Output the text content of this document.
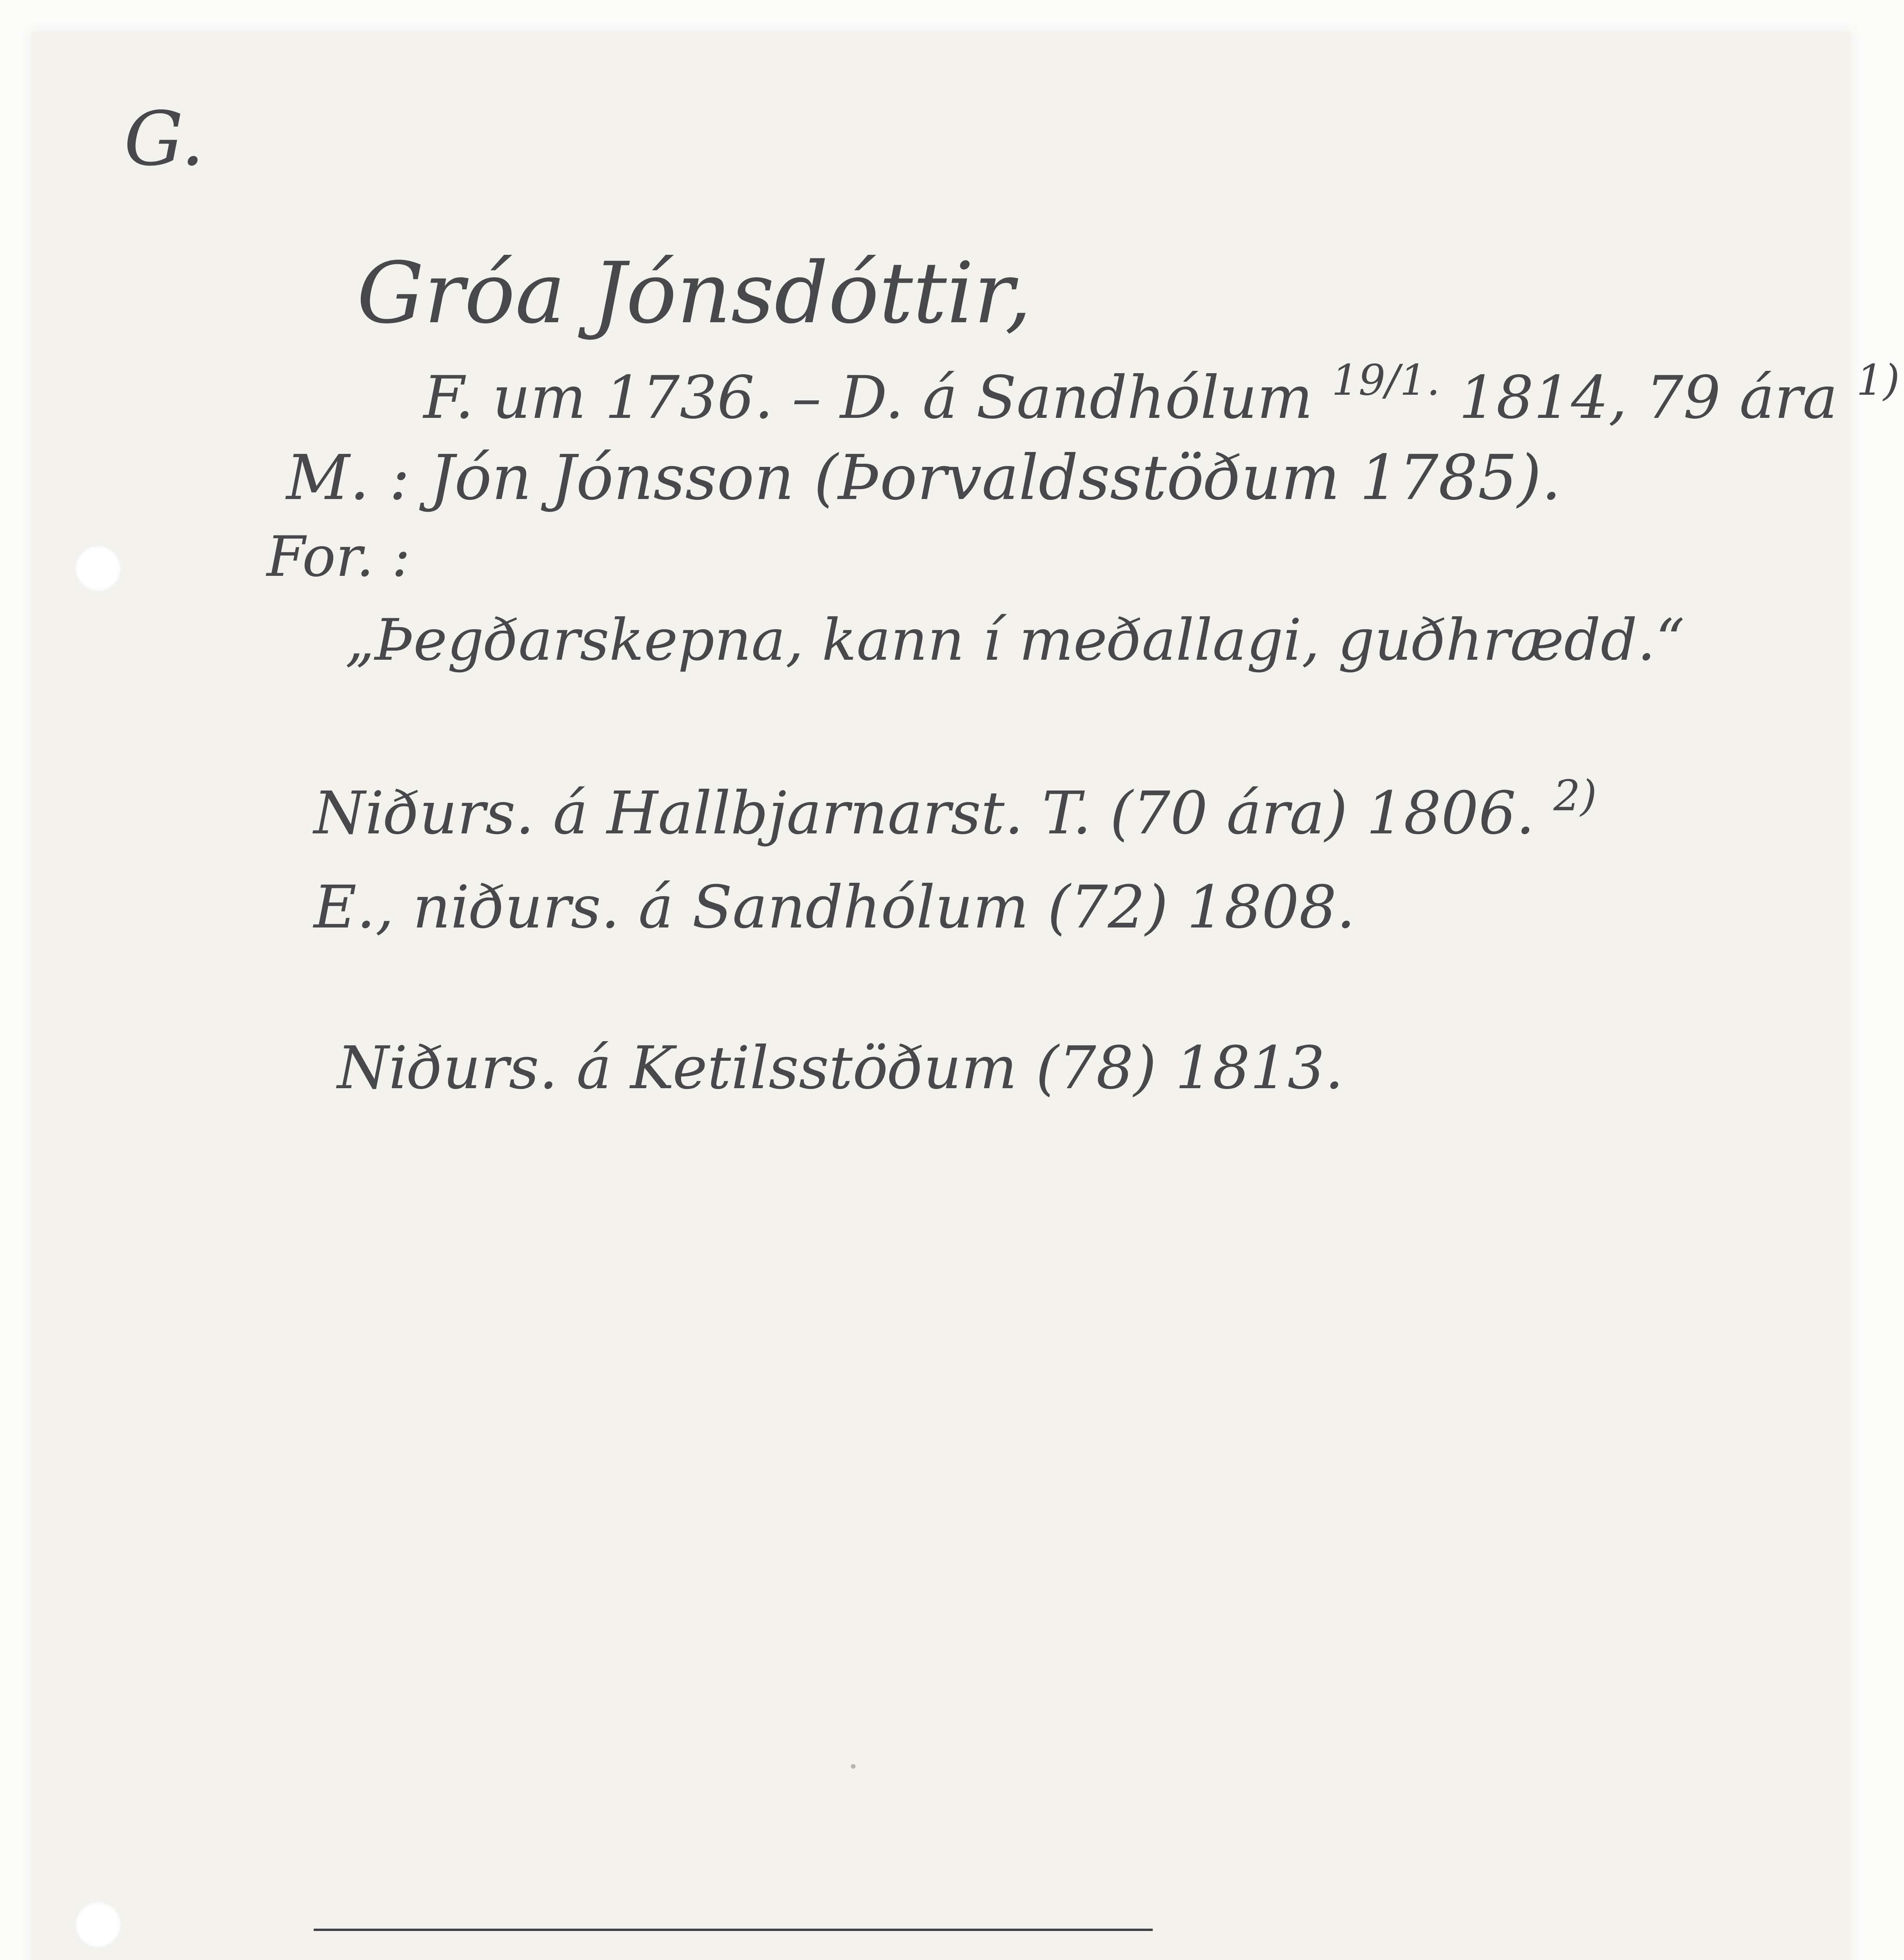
G.
Gróa Jónsdóttir,
F. um 1736. – D. á Sandhólum $^{19/1.}$ 1814, 79 ára $^{1)}$
M. : Jón Jónsson (Þorvaldsstöðum 1785).
For. :
„Þegðarskepna, kann í meðallagi, guðhrædd.“
Niðurs. á Hallbjarnarst. T. (70 ára) 1806. $^{2)}$
E., niðurs. á Sandhólum (72) 1808.
Niðurs. á Ketilsstöðum (78) 1813.
